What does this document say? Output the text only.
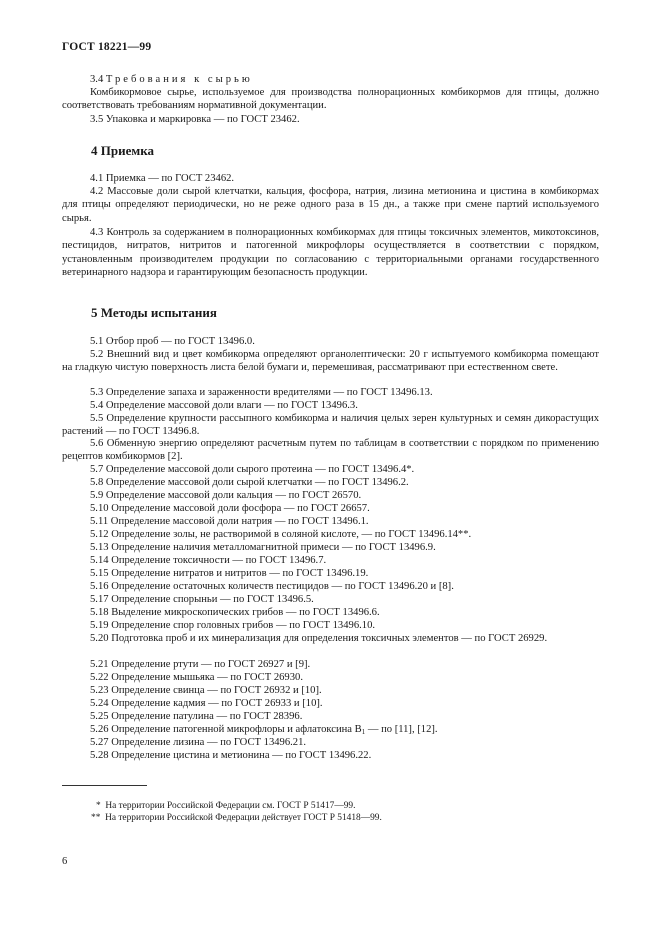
ГОСТ 18221—99

3.4 Требования к сырью

Комбикормовое сырье, используемое для производства полнорационных комбикормов для птицы, должно соответствовать требованиям нормативной документации.

3.5 Упаковка и маркировка — по ГОСТ 23462.

4 Приемка

4.1 Приемка — по ГОСТ 23462.

4.2 Массовые доли сырой клетчатки, кальция, фосфора, натрия, лизина метионина и цистина в комбикормах для птицы определяют периодически, но не реже одного раза в 15 дн., а также при смене партий используемого сырья.

4.3 Контроль за содержанием в полнорационных комбикормах для птицы токсичных элементов, микотоксинов, пестицидов, нитратов, нитритов и патогенной микрофлоры осуществляется в соответствии с порядком, установленным производителем продукции по согласованию с территориальными органами государственного ветеринарного надзора и гарантирующим безопасность продукции.

5 Методы испытания

5.1 Отбор проб — по ГОСТ 13496.0.

5.2 Внешний вид и цвет комбикорма определяют органолептически: 20 г испытуемого комбикорма помещают на гладкую чистую поверхность листа белой бумаги и, перемешивая, рассматривают при естественном свете.

5.3 Определение запаха и зараженности вредителями — по ГОСТ 13496.13.

5.4 Определение массовой доли влаги — по ГОСТ 13496.3.

5.5 Определение крупности рассыпного комбикорма и наличия целых зерен культурных и семян дикорастущих растений — по ГОСТ 13496.8.

5.6 Обменную энергию определяют расчетным путем по таблицам в соответствии с порядком по применению рецептов комбикормов [2].

5.7 Определение массовой доли сырого протеина — по ГОСТ 13496.4*.

5.8 Определение массовой доли сырой клетчатки — по ГОСТ 13496.2.

5.9 Определение массовой доли кальция — по ГОСТ 26570.

5.10 Определение массовой доли фосфора — по ГОСТ 26657.

5.11 Определение массовой доли натрия — по ГОСТ 13496.1.

5.12 Определение золы, не растворимой в соляной кислоте, — по ГОСТ 13496.14**.

5.13 Определение наличия металломагнитной примеси — по ГОСТ 13496.9.

5.14 Определение токсичности — по ГОСТ 13496.7.

5.15 Определение нитратов и нитритов — по ГОСТ 13496.19.

5.16 Определение остаточных количеств пестицидов — по ГОСТ 13496.20 и [8].

5.17 Определение спорыньи — по ГОСТ 13496.5.

5.18 Выделение микроскопических грибов — по ГОСТ 13496.6.

5.19 Определение спор головных грибов — по ГОСТ 13496.10.

5.20 Подготовка проб и их минерализация для определения токсичных элементов — по ГОСТ 26929.

5.21 Определение ртути — по ГОСТ 26927 и [9].

5.22 Определение мышьяка — по ГОСТ 26930.

5.23 Определение свинца — по ГОСТ 26932 и [10].

5.24 Определение кадмия — по ГОСТ 26933 и [10].

5.25 Определение патулина — по ГОСТ 28396.

5.26 Определение патогенной микрофлоры и афлатоксина $В_1$ — по [11], [12].

5.27 Определение лизина — по ГОСТ 13496.21.

5.28 Определение цистина и метионина — по ГОСТ 13496.22.

* На территории Российской Федерации см. ГОСТ Р 51417—99.
** На территории Российской Федерации действует ГОСТ Р 51418—99.
6
